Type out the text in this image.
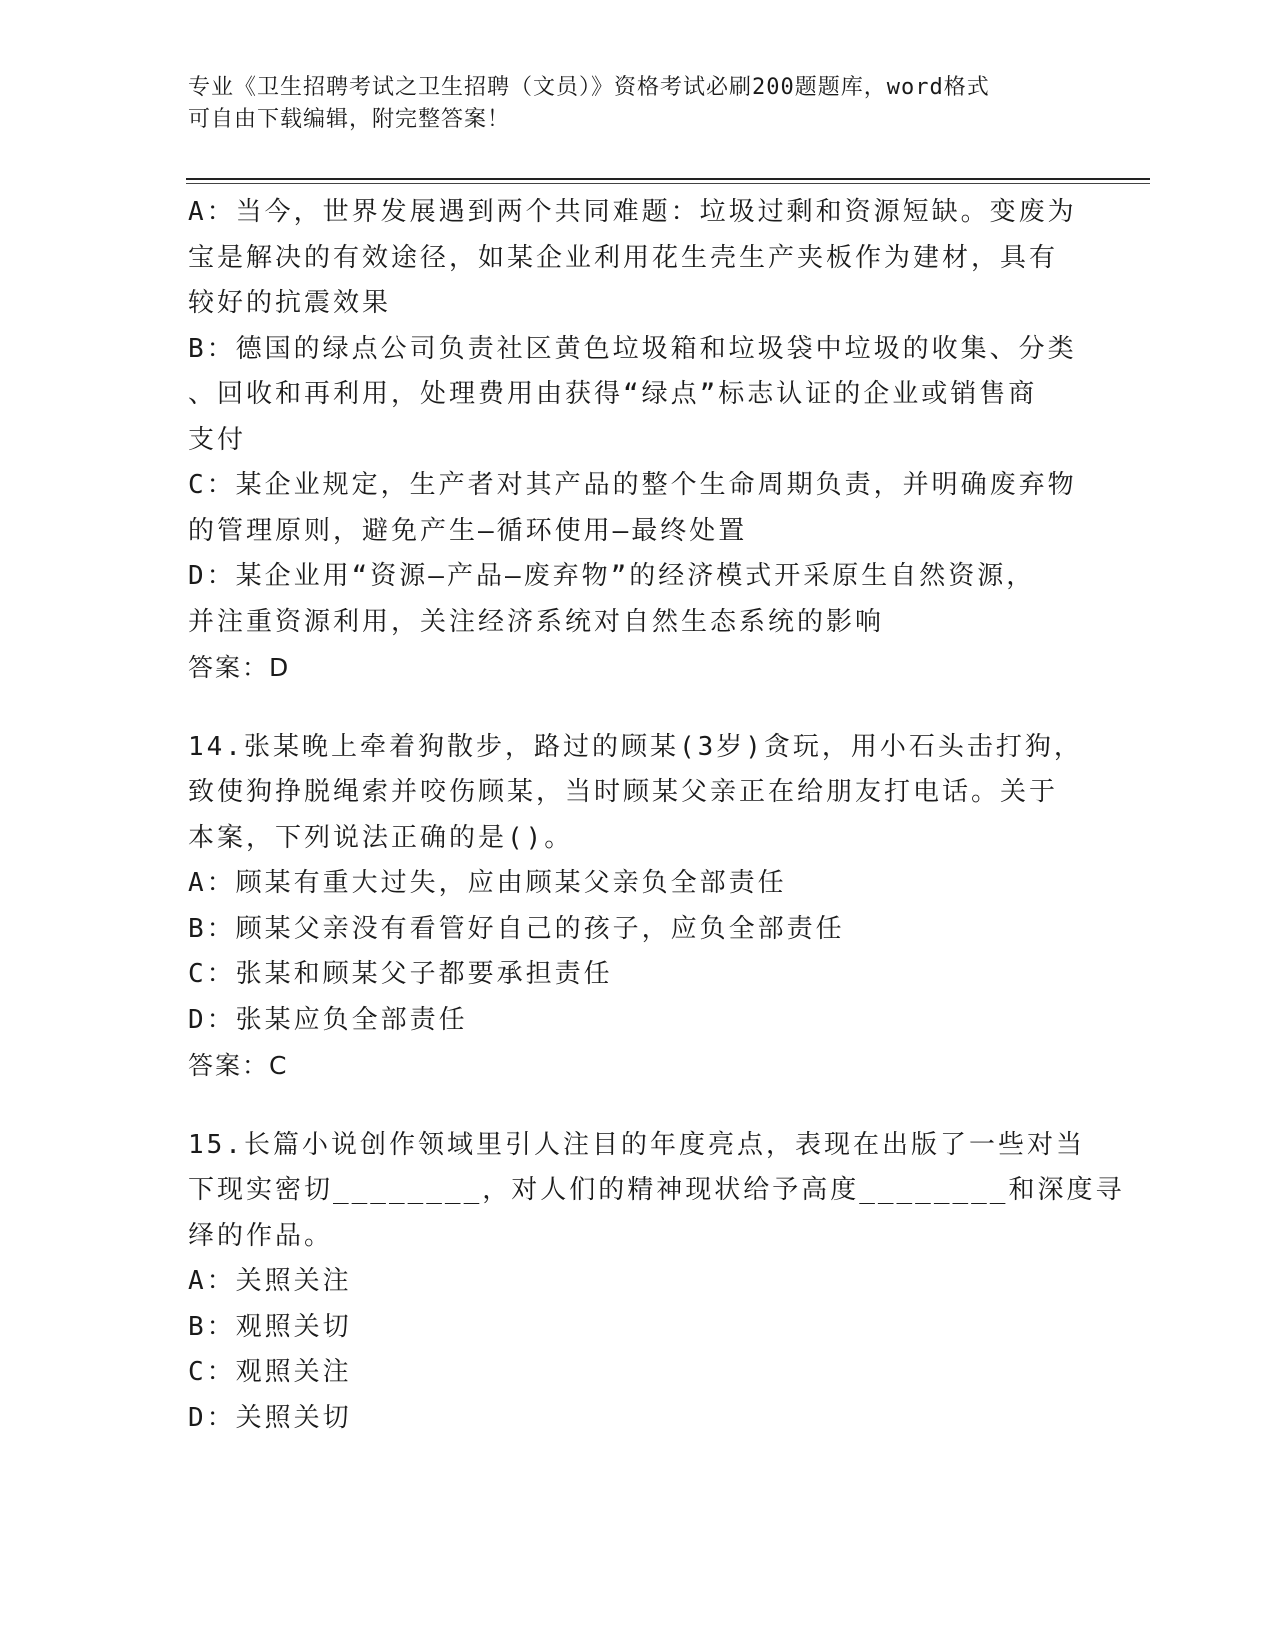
专业《卫生招聘考试之卫生招聘（文员）》资格考试必刷200题题库，word格式
可自由下载编辑，附完整答案！
A：当今，世界发展遇到两个共同难题：垃圾过剩和资源短缺。变废为
宝是解决的有效途径，如某企业利用花生壳生产夹板作为建材，具有
较好的抗震效果
B：德国的绿点公司负责社区黄色垃圾箱和垃圾袋中垃圾的收集、分类
、回收和再利用，处理费用由获得“绿点”标志认证的企业或销售商
支付
C：某企业规定，生产者对其产品的整个生命周期负责，并明确废弃物
的管理原则，避免产生—循环使用—最终处置
D：某企业用“资源—产品—废弃物”的经济模式开采原生自然资源，
并注重资源利用，关注经济系统对自然生态系统的影响
答案：D
14.张某晚上牵着狗散步，路过的顾某(3岁)贪玩，用小石头击打狗，
致使狗挣脱绳索并咬伤顾某，当时顾某父亲正在给朋友打电话。关于
本案，下列说法正确的是()。
A：顾某有重大过失，应由顾某父亲负全部责任
B：顾某父亲没有看管好自己的孩子，应负全部责任
C：张某和顾某父子都要承担责任
D：张某应负全部责任
答案：C
15.长篇小说创作领域里引人注目的年度亮点，表现在出版了一些对当
下现实密切________，对人们的精神现状给予高度________和深度寻
绎的作品。
A：关照关注
B：观照关切
C：观照关注
D：关照关切
